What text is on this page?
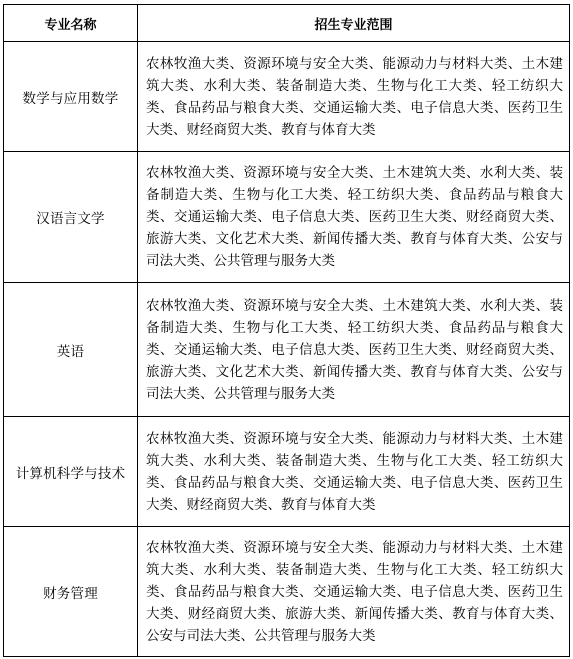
专业名称	招生专业范围
数学与应用数学	农林牧渔大类、资源环境与安全大类、能源动力与材料大类、土木建筑大类、水利大类、装备制造大类、生物与化工大类、轻工纺织大类、食品药品与粮食大类、交通运输大类、电子信息大类、医药卫生大类、财经商贸大类、教育与体育大类
汉语言文学	农林牧渔大类、资源环境与安全大类、土木建筑大类、水利大类、装备制造大类、生物与化工大类、轻工纺织大类、食品药品与粮食大类、交通运输大类、电子信息大类、医药卫生大类、财经商贸大类、旅游大类、文化艺术大类、新闻传播大类、教育与体育大类、公安与司法大类、公共管理与服务大类
英语	农林牧渔大类、资源环境与安全大类、土木建筑大类、水利大类、装备制造大类、生物与化工大类、轻工纺织大类、食品药品与粮食大类、交通运输大类、电子信息大类、医药卫生大类、财经商贸大类、旅游大类、文化艺术大类、新闻传播大类、教育与体育大类、公安与司法大类、公共管理与服务大类
计算机科学与技术	农林牧渔大类、资源环境与安全大类、能源动力与材料大类、土木建筑大类、水利大类、装备制造大类、生物与化工大类、轻工纺织大类、食品药品与粮食大类、交通运输大类、电子信息大类、医药卫生大类、财经商贸大类、教育与体育大类
财务管理	农林牧渔大类、资源环境与安全大类、能源动力与材料大类、土木建筑大类、水利大类、装备制造大类、生物与化工大类、轻工纺织大类、食品药品与粮食大类、交通运输大类、电子信息大类、医药卫生大类、财经商贸大类、旅游大类、新闻传播大类、教育与体育大类、公安与司法大类、公共管理与服务大类
